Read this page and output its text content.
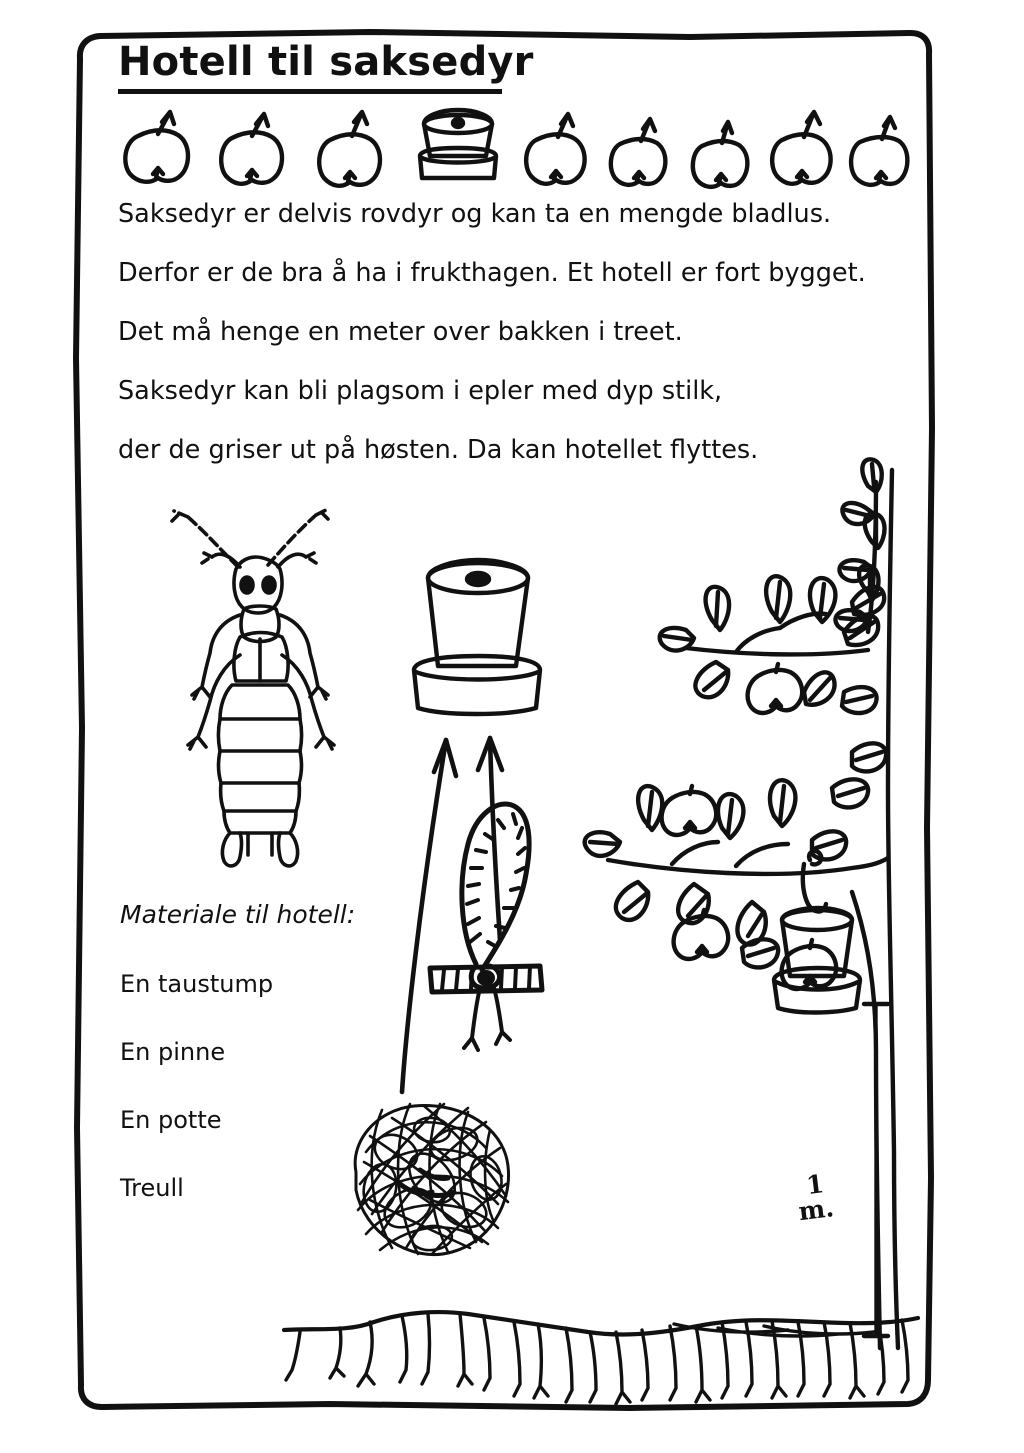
Hotell til saksedyr
Saksedyr er delvis rovdyr og kan ta en mengde bladlus.
Derfor er de bra å ha i frukthagen. Et hotell er fort bygget.
Det må henge en meter over bakken i treet.
Saksedyr kan bli plagsom i epler med dyp stilk,
der de griser ut på høsten. Da kan hotellet flyttes.
1
m.
Materiale til hotell:
En taustump
En pinne
En potte
Treull
